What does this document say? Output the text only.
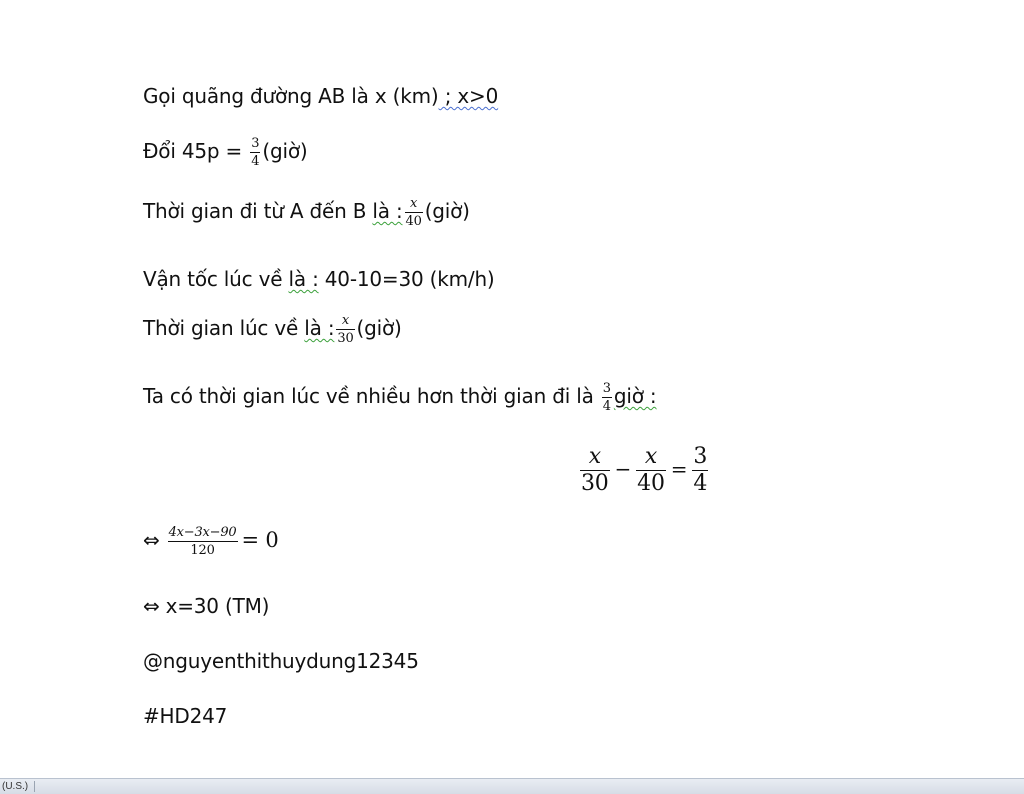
Gọi quãng đường AB là x (km) ; x>0
Đổi $45p = \frac{3}{4}$ (giờ)
Thời gian đi từ A đến B là : $\frac{x}{40}$ (giờ)
Vận tốc lúc về là : 40-10=30 (km/h)
Thời gian lúc về là : $\frac{x}{30}$ (giờ)
Ta có thời gian lúc về nhiều hơn thời gian đi là $\frac{3}{4}$ giờ :
$\frac{x}{30} - \frac{x}{40} = \frac{3}{4}$
⇔ $\frac{4x-3x-90}{120} = 0$
⇔ x=30 (TM)
@nguyenthithuydung12345
#HD247
(U.S.)
